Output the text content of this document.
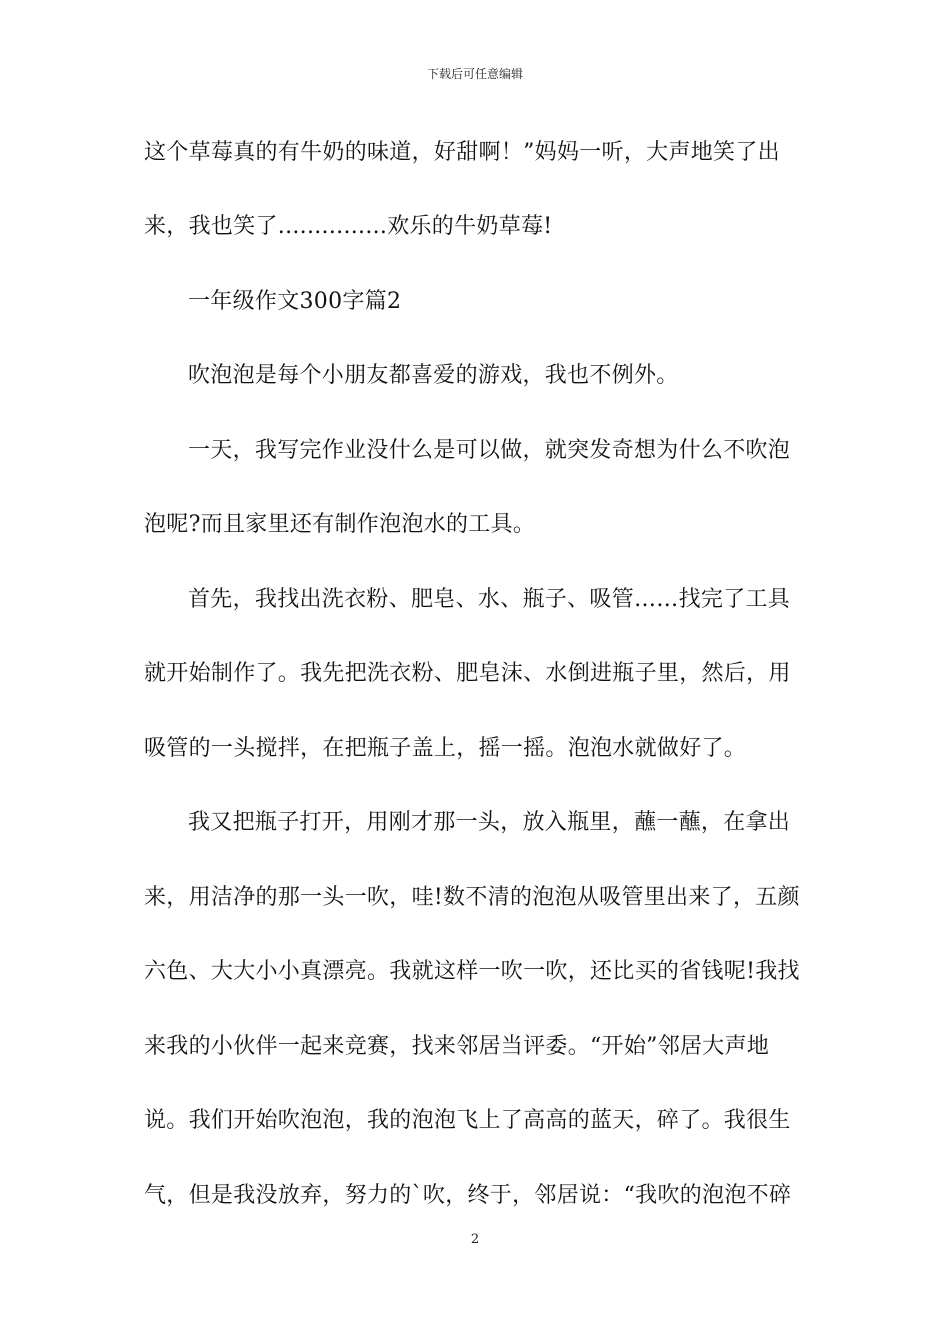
下载后可任意编辑
这个草莓真的有牛奶的味道，好甜啊！”妈妈一听，大声地笑了出
来，我也笑了...............欢乐的牛奶草莓!
一年级作文300字篇2
吹泡泡是每个小朋友都喜爱的游戏，我也不例外。
一天，我写完作业没什么是可以做，就突发奇想为什么不吹泡
泡呢?而且家里还有制作泡泡水的工具。
首先，我找出洗衣粉、肥皂、水、瓶子、吸管……找完了工具
就开始制作了。我先把洗衣粉、肥皂沫、水倒进瓶子里，然后，用
吸管的一头搅拌，在把瓶子盖上，摇一摇。泡泡水就做好了。
我又把瓶子打开，用刚才那一头，放入瓶里，蘸一蘸，在拿出
来，用洁净的那一头一吹，哇!数不清的泡泡从吸管里出来了，五颜
六色、大大小小真漂亮。我就这样一吹一吹，还比买的省钱呢!我找
来我的小伙伴一起来竞赛，找来邻居当评委。“开始”邻居大声地
说。我们开始吹泡泡，我的泡泡飞上了高高的蓝天，碎了。我很生
气，但是我没放弃，努力的`吹，终于，邻居说：“我吹的泡泡不碎
2
